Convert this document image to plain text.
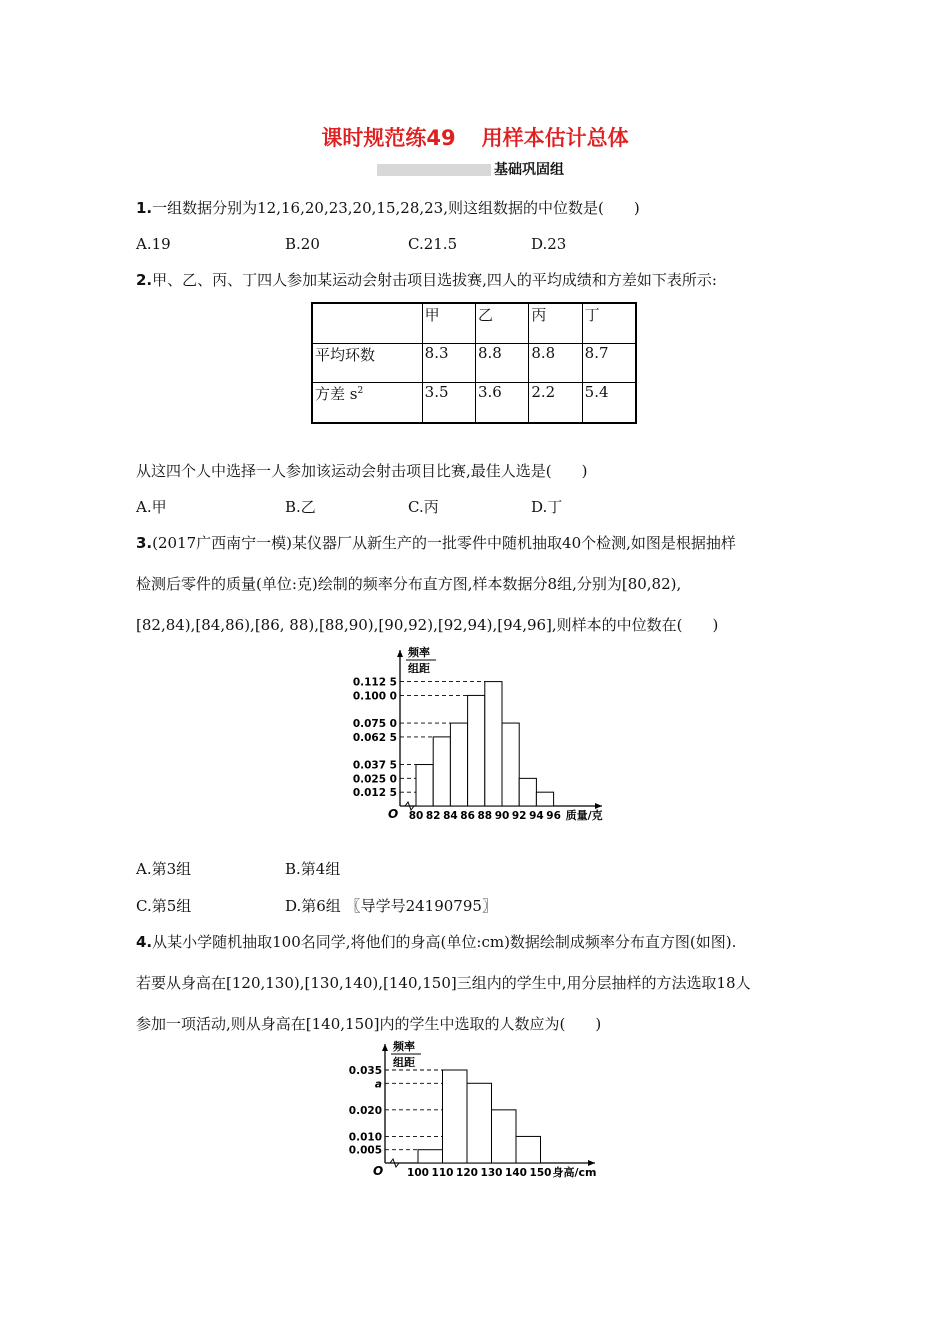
课时规范练49 用样本估计总体
基础巩固组
1.一组数据分别为12,16,20,23,20,15,28,23,则这组数据的中位数是(　　)
A.19	B.20	C.21.5	D.23
2.甲、乙、丙、丁四人参加某运动会射击项目选拔赛,四人的平均成绩和方差如下表所示:
	甲	乙	丙	丁
平均环数	8.3	8.8	8.8	8.7
方差 $s^2$	3.5	3.6	2.2	5.4
从这四个人中选择一人参加该运动会射击项目比赛,最佳人选是(　　)
A.甲	B.乙	C.丙	D.丁
3.(2017广西南宁一模)某仪器厂从新生产的一批零件中随机抽取40个检测,如图是根据抽样
检测后零件的质量(单位:克)绘制的频率分布直方图,样本数据分8组,分别为[80,82),
[82,84),[84,86),[86, 88),[88,90),[90,92),[92,94),[94,96],则样本的中位数在(　　)
频率
组距
O
0.012 5
0.025 0
0.037 5
0.062 5
0.075 0
0.100 0
0.112 5
80 82 84 86 88 90 92 94 96 质量/克
A.第3组	B.第4组
C.第5组	D.第6组 〖导学号24190795〗
4.从某小学随机抽取100名同学,将他们的身高(单位:cm)数据绘制成频率分布直方图(如图).
若要从身高在[120,130),[130,140),[140,150]三组内的学生中,用分层抽样的方法选取18人
参加一项活动,则从身高在[140,150]内的学生中选取的人数应为(　　)
频率
组距
O
0.005
0.010
0.020
a
0.035
100 110 120 130 140 150 身高/cm
